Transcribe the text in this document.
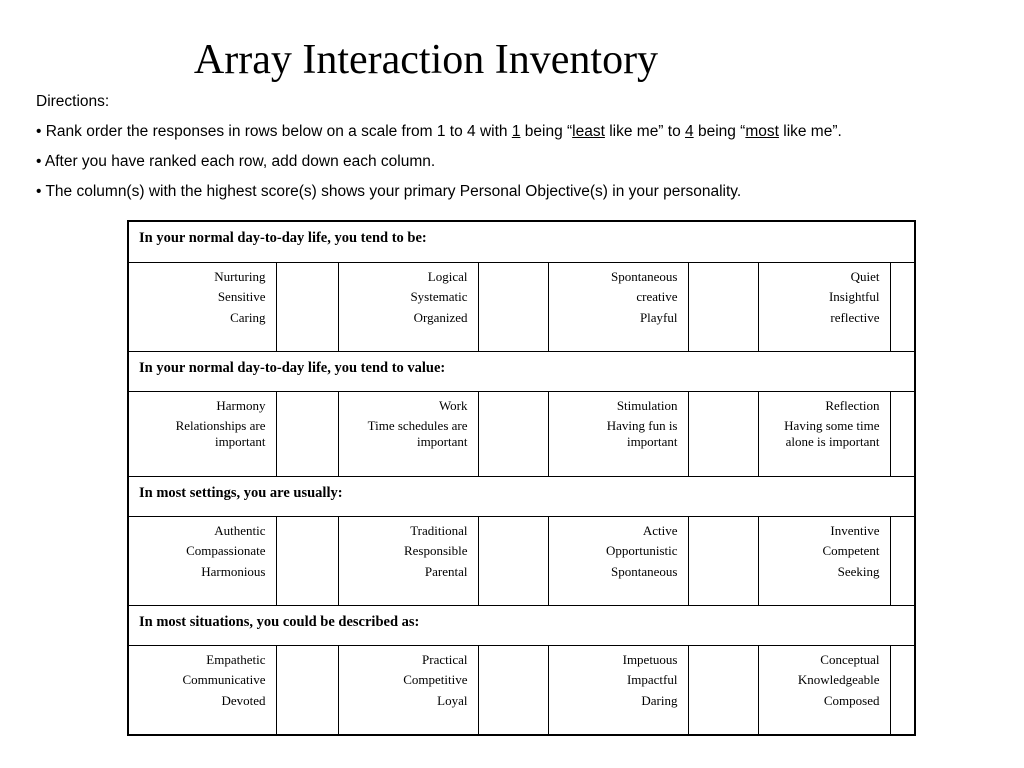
Array Interaction Inventory

Directions:

• Rank order the responses in rows below on a scale from 1 to 4 with 1 being “least like me” to 4 being “most like me”.

• After you have ranked each row, add down each column.

• The column(s) with the highest score(s) shows your primary Personal Objective(s) in your personality.

In your normal day-to-day life, you tend to be:							

Nurturing
Sensitive
Caring		Logical
Systematic
Organized		Spontaneous
creative
Playful		Quiet
Insightful
reflective	

In your normal day-to-day life, you tend to value:							

Harmony
Relationships are
important		Work
Time schedules are
important		Stimulation
Having fun is
important		Reflection
Having some time
alone is important	

In most settings, you are usually:							

Authentic
Compassionate
Harmonious		Traditional
Responsible
Parental		Active
Opportunistic
Spontaneous		Inventive
Competent
Seeking	

In most situations, you could be described as:							

Empathetic
Communicative
Devoted		Practical
Competitive
Loyal		Impetuous
Impactful
Daring		Conceptual
Knowledgeable
Composed	
